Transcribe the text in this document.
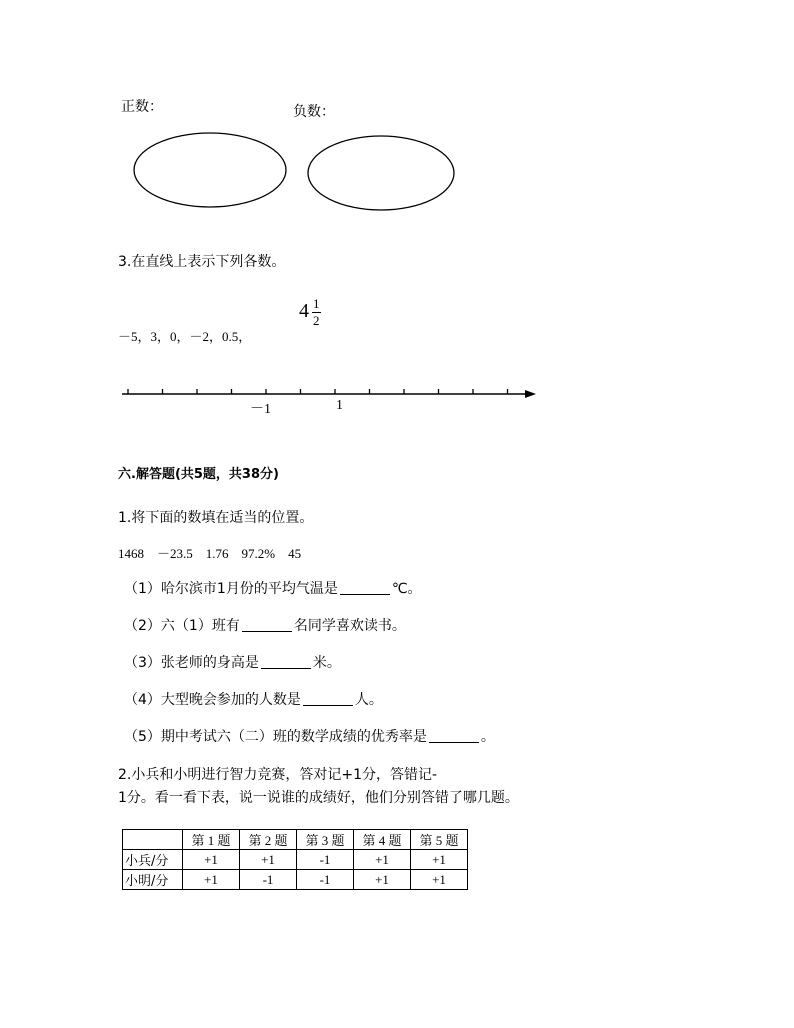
正数：	负数：
3.在直线上表示下列各数。
4 1
2
－5，3，0，－2，0.5，
－1	1
六.解答题(共5题，共38分)
1.将下面的数填在适当的位置。
1468　－23.5　1.76　97.2%　45
（1）哈尔滨市1月份的平均气温是	℃。
（2）六（1）班有	名同学喜欢读书。
（3）张老师的身高是	米。
（4）大型晚会参加的人数是	人。
（5）期中考试六（二）班的数学成绩的优秀率是	。
2.小兵和小明进行智力竞赛，答对记+1分，答错记-
1分。看一看下表，说一说谁的成绩好，他们分别答错了哪几题。
	第 1 题	第 2 题	第 3 题	第 4 题	第 5 题
小兵/分	+1	+1	-1	+1	+1
小明/分	+1	-1	-1	+1	+1
